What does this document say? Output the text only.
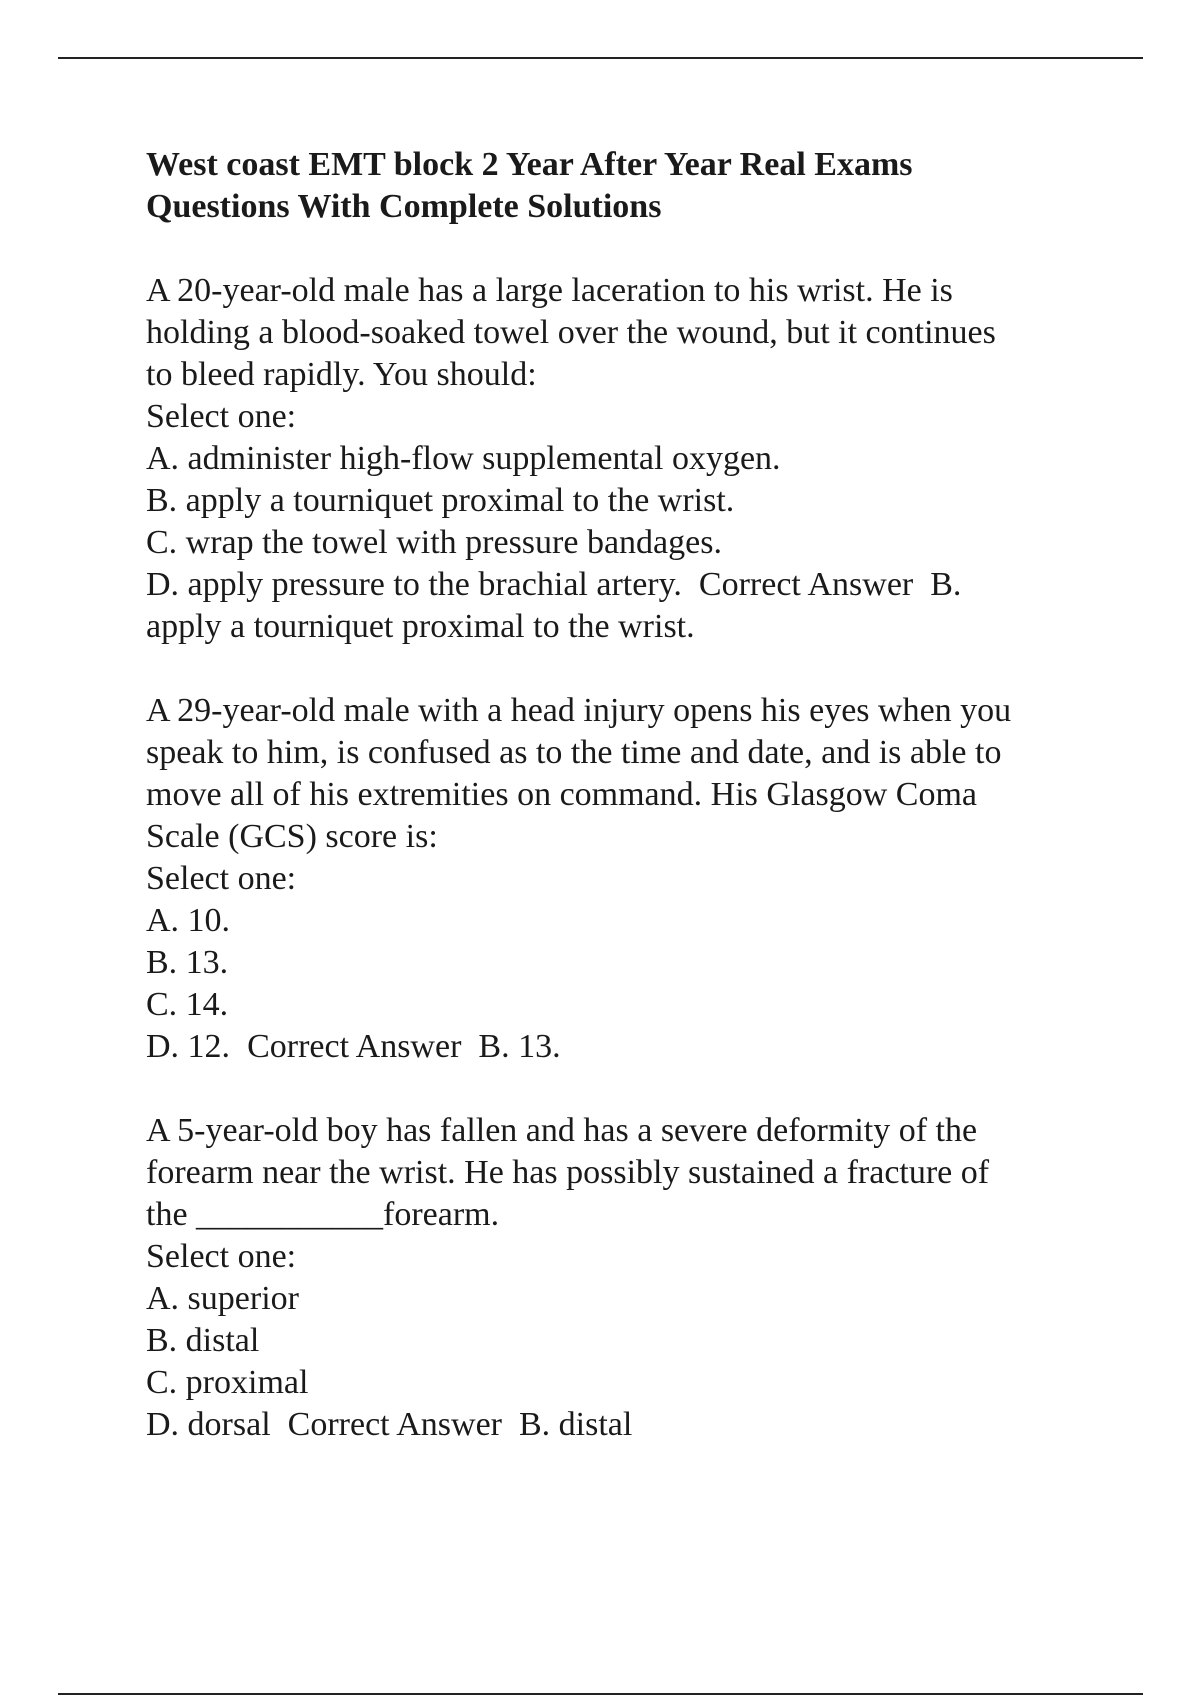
West coast EMT block 2 Year After Year Real Exams
Questions With Complete Solutions

A 20-year-old male has a large laceration to his wrist. He is

holding a blood-soaked towel over the wound, but it continues

to bleed rapidly. You should:

Select one:

A. administer high-flow supplemental oxygen.

B. apply a tourniquet proximal to the wrist.

C. wrap the towel with pressure bandages.

D. apply pressure to the brachial artery. Correct Answer B.

apply a tourniquet proximal to the wrist.

A 29-year-old male with a head injury opens his eyes when you

speak to him, is confused as to the time and date, and is able to

move all of his extremities on command. His Glasgow Coma

Scale (GCS) score is:

Select one:

A. 10.

B. 13.

C. 14.

D. 12. Correct Answer B. 13.

A 5-year-old boy has fallen and has a severe deformity of the

forearm near the wrist. He has possibly sustained a fracture of

the ___________forearm.

Select one:

A. superior

B. distal

C. proximal

D. dorsal Correct Answer B. distal
